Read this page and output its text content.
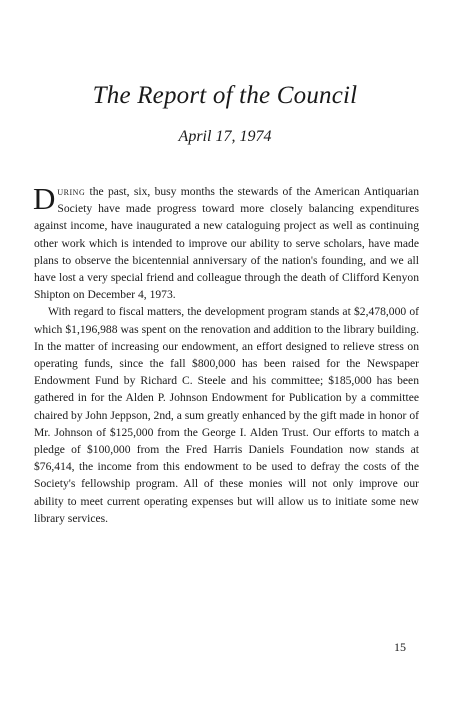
The Report of the Council
April 17, 1974

During the past, six, busy months the stewards of the American Antiquarian Society have made progress toward more closely balancing expenditures against income, have inaugurated a new cataloguing project as well as continuing other work which is intended to improve our ability to serve scholars, have made plans to observe the bicentennial anniversary of the nation's founding, and we all have lost a very special friend and colleague through the death of Clifford Kenyon Shipton on December 4, 1973.

With regard to fiscal matters, the development program stands at $2,478,000 of which $1,196,988 was spent on the renovation and addition to the library building. In the matter of increasing our endowment, an effort designed to relieve stress on operating funds, since the fall $800,000 has been raised for the Newspaper Endowment Fund by Richard C. Steele and his committee; $185,000 has been gathered in for the Alden P. Johnson Endowment for Publication by a committee chaired by John Jeppson, 2nd, a sum greatly enhanced by the gift made in honor of Mr. Johnson of $125,000 from the George I. Alden Trust. Our efforts to match a pledge of $100,000 from the Fred Harris Daniels Foundation now stands at $76,414, the income from this endowment to be used to defray the costs of the Society's fellowship program. All of these monies will not only improve our ability to meet current operating expenses but will allow us to initiate some new library services.

15
